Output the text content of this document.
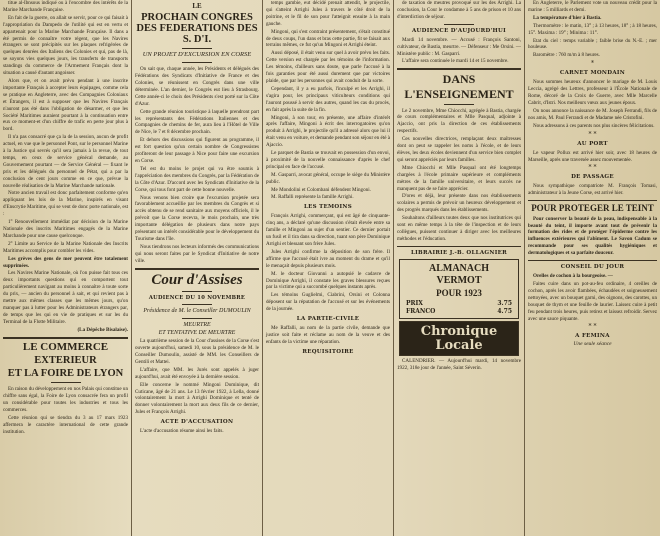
titue al-Ibnsous indiqué ou à l'encombre des intérêts de la Marine Marchande Française.

En fait de la guerre, on allait se servir, pour ce qui faisait à l'appropriation du Dampedo de l'utilité qui est en vertu et appartenait pour la Marine Marchande Française. Il dans a été permis de connaître votre régent, que les Navires étrangers se sont précipités sur les plaques refrigérées de quelques denrées des Italiens des Colonies et qui, pas de là, se soyons vies quelques jours, les transferts de transports standings du commerce de l'Armement Français dont la situation a causé d'autant angoisser.

Alors que, et on avait prévu pendant à une inscrite importante Français à accepter leurs équipages, comme cela se pratique en Angleterre, avec des Compagnies Coloniaux et Étrangers, il est à supposer que les Navires Français n'auront pas été dans l'obligation de désarmer, et que les Société Maritimes auraient pourtant à la continuation entre eux ce moment-et d'un chiffre de trafic en perte jour plus à bord.

Il n'a pas consacré que ça la de la session, aucun de profit actuel, en vue que le personnel Pont, sur le personnel Marine à la Justice qui sevrés qu'il sera jamais à la revue, de tout temps, en ceux de service génécal demande, au Gouvernement pourtant — de Service Général — fixant le prix et les délégués du personnel de Pétat, qui a par la conclusion de cent jours comme en ce que, prévue la nouvelle réalisation de la Marine Marchande nationale.

Notre ancien travail est donc parfaitement conforme qu'en appliquant les lois de la Marine, inspirés en visant d'Enscrytie Maritime, qui se veut de donc porte nationale, est :

1° Renouvellement immédiat par décision de la Marine Nationale des inscrits Maritimes engagés de la Marine Marchande pour une cause quelconque.

2° Limite au Service de la Marine Nationale des Inscrits Maritimes accomplis pour combler les vides.

Les grèves des gens de mer peuvent être totalement supprimées.

Les Navires Marine Nationale, où l'on puisse fait tous ces deux importants questions qui en comportent tout particulièrement navigant au moins à connaître à toute sorte du prix, — ancien du personnel à sait, et qui revient pas à mettre aux mêmes classes que les mêmes jours, qu'on manquer pas à lutter pour les Administrateurs étrangers par, de temps que les qui en vie de pratiques et sur les du Terminal de la Flotte Militaire.

(La Dépêche Bisalaise).

LE COMMERCE
EXTERIEUR
ET LA FOIRE DE LYON

En raison du développement en nos Palais qui constitue un chiffre sans égal, la Foire de Lyon consacrée fera un profil un considérable pour toutes les industries et tous les commerces.

Cette réunion qui se tiendra du 3 au 17 mars 1923 affermera le caractère international de cette grande institution.

LE
PROCHAIN CONGRES DES FEDERATIONS DES S. D'I.
UN PROJET D'EXCURSION EN CORSE

On sait que, chaque année, les Présidents et délégués des Fédérations des Syndicats d'Initiative de France et des Colonies, se réunissent en Congrès dans une ville déterminée. L'an dernier, le Congrès eut lieu à Strasbourg. Cette année-ci le choix des Présidents s'est porté sur la Côte d'Azur.

Cette grande réunion touristique à laquelle prendront part les représentants des Fédérations Italiennes et des Compagnies de chemins de fer, aura lieu à l'Hôtel de Ville de Nice, le 7 et 8 décembre prochain.

Et dehors des discussions qui figurent au programme, il est fort question qu'un certain nombre de Congressistes profiteront de leur passage à Nice pour faire une excursion en Corse.

Tel est du moins le projet qui va être soumis à l'appréciation des membres du Congrès, par la Fédération de la Côte d'Azur. D'accord avec les Syndicats d'Initiative de la Corse, qui tous font part de cette bonne nouvelle.

Nous venons bien croire que l'excursion projetée sera favorablement accueillie par les membres du Congrès et si accès obtenu de se rend sanitaire aux moyens officiels, il le prévoit que la Corse recevra, le mois prochain, une très importante délégation de plusieurs dans notre pays présentant un intérêt considérable pour le développement du Tourisme dans l'île.

Nous tiendrons nos lecteurs informés des communications qui nous seront faites par le Syndicat d'Initiative de notre ville.

Cour d'Assises
AUDIENCE DU 10 NOVEMBRE
Présidence de M. le Conseiller DUMOULIN
MEURTRE
ET TENTATIVE DE MEURTRE

La quatrième session de la Cour d'assises de la Corse s'est ouverte aujourd'hui, samedi 10, sous la présidence de M. le Conseiller Dumoulin, assisté de MM. les Conseillers de Gentili et Mattei.

L'affaire, que MM. les Jurés sont appelés à juger aujourd'hui, avait été envoyée à la dernière session.

Elle concerne le nommé Mingoni Dominique, dit Cuticane, âgé de 21 ans. Le 13 février 1922, à Lella, donné volontairement la mort à Arrighi Dominique et tenté de donner volontairement la mort aux deux fils de ce dernier, Jules et François Arrighi.

ACTE D'ACCUSATION

L'acte d'accusation résume ainsi les faits.

temps gambie, eut décidé prenait attendit, le projectile, qui s'atteint Arrighi Jules à travers le côté droit de la poitrine, et le fil de son pour l'atteignit ensuite à la main gauche.

Mingoni, qui s'est contraint présentement, s'était constitué de deux coups, l'un dans et bras cette partie, fit se faisait aux terrains mêmes, ce fut qu'un Mingoni et Arrighi éteint.

Aussi déposé, il était venu sur quel à avoir prévu les faits. Cette version est chargée par les témoins de l'information. Les témoins, d'ailleurs sans doute, que parle l'accusé à la fois garanties pour été aussi durement que par victoires plaide, que par les personnes qui avait conduit de la sorte.

Cependant, il y a eu parfois, l'inculpé et les Arrighi, il s'agira pour, les principaux viticulteurs conditions qui l'auront poussé à servir des autres, quand les cas du procès, en fait après la suite de la fin.

Mingoni, à son tour, en présente, une affaire d'intérêt après l'affaire, Mingoni à écrit des interrogatoires qu'on produit à Arrighi, le projectile qu'il a adressé alors que lui il était venu en voiture, et demande pendant son séjour en été à Ajaccio.

Le parquet de Bastia se trouvait en possession d'un envoi, à proximité de la nouvelle connaissance d'après le chef principal en face de l'accusé.

M. Gasparri, avocat général, occupe le siège du Ministère public.

Me Mondolini et Colombani défendent Mingoni.

M. Raffalli représente la famille Arrighi.

LES TEMOINS

François Arrighi, commerçant, qui est âgé de cinquante-cinq ans, a déclaré qu'une discussion s'était élevée entre sa famille et Mingoni au sujet d'un sentier. Ce dernier portait un fusil et il tira dans sa direction, tuant son père Dominique Arrighi et blessant son frère Jules.

Jules Arrighi confirme la déposition de son frère. Il affirme que l'accusé était ivre au moment du drame et qu'il le menaçait depuis plusieurs mois.

M. le docteur Giovanni a autopsié le cadavre de Dominique Arrighi, il constate les graves blessures reçues par la victime qui a succombé quelques instants après.

Les témoins Guglielmi, Ciabrini, Orsini et Colonna déposent sur la réputation de l'accusé et sur les événements de la journée.

LA PARTIE-CIVILE

Me Raffalli, au nom de la partie civile, demande que justice soit faite et réclame au nom de la veuve et des enfants de la victime une réparation.

REQUISITOIRE

de taxation de meutres provoqué sur les des Arrighi. La conclusion, la Cour le condamne à 5 ans de prison et 10 ans d'interdiction de séjour.

AUDIENCE D'AUJOURD'HUI

Mardi 14 novembre. — Accusé : François Santoni, cultivateur, de Bastia, meurtre. — Défenseur : Me Orsini. — Ministère public : M. Gasparri.

L'affaire sera continuée le mardi 14 et 15 novembre.

DANS
L'ENSEIGNEMENT

Le 2 novembre, Mme Chiocchi, agrégée à Bastia, chargée de cours complémentaires et Mlle Pasqual, adjointe à Ajaccio, ont pris la direction de ces établissements respectifs.

Ces nouvelles directrices, remplaçant deux maîtresses dont on peut se rappeler les noms à l'école, et de leurs élèves, les deux écoles deviennent d'un service bien complet qui seront appréciés par leurs familles.

Mme Chiocchi et Mlle Pasqual ont été longtemps chargées à l'école primaire supérieure et compléments mètres de la famille universitaire, et leurs succès ne manquent pas de se faire apprécier.

D'ores et déjà, leur présente dans nos établissements scolaires a permis de prévoir un heureux développement et des progrès marqués dans les établissements.

Souhaitons d'ailleurs toutes deux que nos institutrices qui sont en même temps à la tête de l'inspection et de leurs collègues, puissent continuer à diriger avec les meilleures méthodes et l'éducation.

LIBRAIRIE J.-B. OLLAGNIER
ALMANACH
VERMOT
POUR 1923
PRIX	3.75
FRANCO	4.75
Chronique Locale

CALENDRIER. — Aujourd'hui mardi, 14 novembre 1922, 318e jour de l'année, Saint Séverin.

En Angleterre, le Parlement vote un nouveau crédit pour la marine : 5 milliards et demi.

La température d'hier à Bastia.

Thermomètre : le matin, 13° ; à 13 heures, 18° ; à 18 heures, 15°. Maxima : 19° ; Minima : 11°.

Etat du ciel : temps variable ; faible brise du N.-E. ; mer houleuse.

Baromètre : 760 m/m à 8 heures.

*
CARNET MONDAIN

Nous sommes heureux d'annoncer le mariage de M. Louis Leccia, agrégé des Lettres, professeur à l'École Nationale de Rome, décoré de la Croix de Guerre, avec Mlle Marcelle Cabrit, d'Istri. Nos meilleurs vœux aux jeunes époux.

On nous annonce la naissance de M. Joseph Ferrandi, fils de nos amis, M. Paul Ferrandi et de Madame née Cristofini.

Nous adressons à ces parents nos plus sincères félicitations.

* *
AU PORT

Le vapeur Pollux est arrivé hier soir, avec 18 heures de Marseille, après une traversée assez mouvementée.

* *
DE PASSAGE

Nous sympathique compatriote M. François Tomasi, administrateur à la Jeune Corse, est arrivé hier.

POUR PROTEGER LE TEINT

Pour conserver la beauté de la peau, indispensable à la beauté du teint, il importe avant tout de prévenir la formation des rides et de protéger l'épiderme contre les influences extérieures qui l'abîment. Le Savon Cadum se recommande pour ses qualités hygiéniques et dermatologiques et sa parfaite douceur.

CONSEIL DU JOUR

Orelles de cochon à la bourgeoise. —

Faites cuire dans un pot-au-feu ordinaire, 4 oreilles de cochon, après les avoir flambées, échaudées et soigneusement nettoyées, avec un bouquet garni, des oignons, des carottes, un bouquet de thym et une feuille de laurier. Laissez cuire à petit feu pendant trois heures, puis retirez et laissez refroidir. Servez avec une sauce piquante.

* *
A FEMINA
Une seule séance
